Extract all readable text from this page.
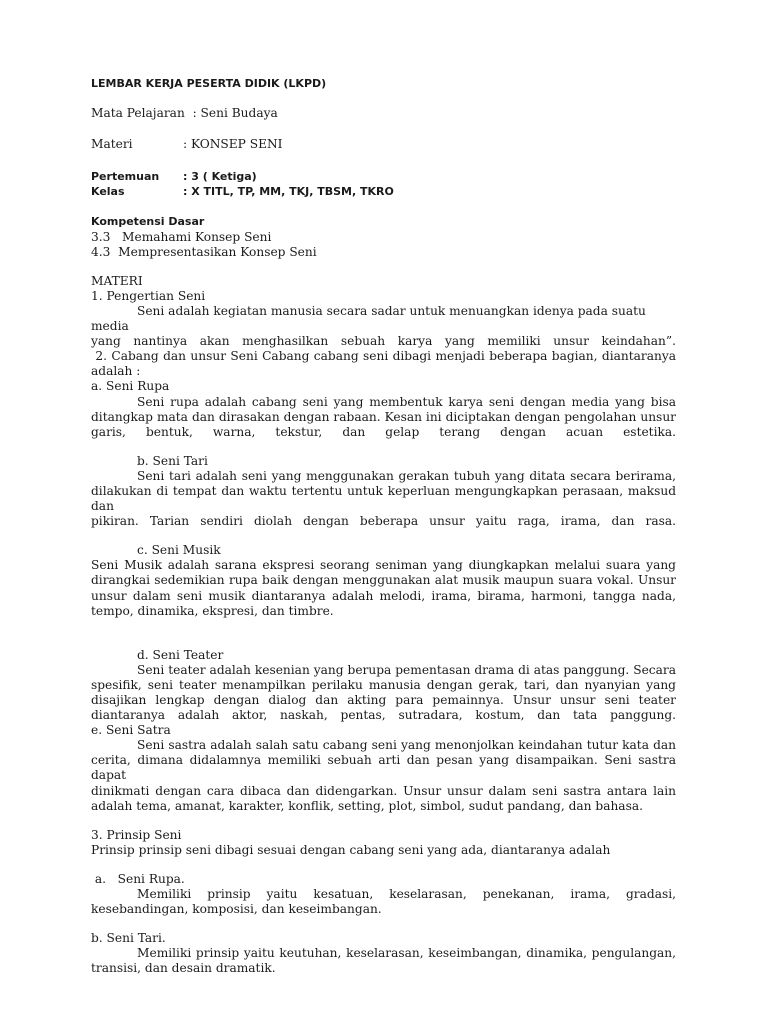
LEMBAR KERJA PESERTA DIDIK (LKPD)

Mata Pelajaran : Seni Budaya
Materi	: KONSEP SENI
Pertemuan : 3 ( Ketiga)
Kelas	: X TITL, TP, MM, TKJ, TBSM, TKRO

Kompetensi Dasar

3.3   Memahami Konsep Seni

4.3  Mempresentasikan Konsep Seni

MATERI

1. Pengertian Seni

Seni adalah kegiatan manusia secara sadar untuk menuangkan idenya pada suatu media

yang nantinya akan menghasilkan sebuah karya yang memiliki unsur keindahan”.

2. Cabang dan unsur Seni Cabang cabang seni dibagi menjadi beberapa bagian, diantaranya

adalah :

a. Seni Rupa

Seni rupa adalah cabang seni yang membentuk karya seni dengan media yang bisa

ditangkap mata dan dirasakan dengan rabaan. Kesan ini diciptakan dengan pengolahan unsur

garis, bentuk, warna, tekstur, dan gelap terang dengan acuan estetika.

b. Seni Tari

Seni tari adalah seni yang menggunakan gerakan tubuh yang ditata secara berirama,

dilakukan di tempat dan waktu tertentu untuk keperluan mengungkapkan perasaan, maksud dan

pikiran. Tarian sendiri diolah dengan beberapa unsur yaitu raga, irama, dan rasa.

c. Seni Musik

Seni Musik adalah sarana ekspresi seorang seniman yang diungkapkan melalui suara yang

dirangkai sedemikian rupa baik dengan menggunakan alat musik maupun suara vokal. Unsur

unsur dalam seni musik diantaranya adalah melodi, irama, birama, harmoni, tangga nada,

tempo, dinamika, ekspresi, dan timbre.

d. Seni Teater

Seni teater adalah kesenian yang berupa pementasan drama di atas panggung. Secara

spesifik, seni teater menampilkan perilaku manusia dengan gerak, tari, dan nyanyian yang

disajikan lengkap dengan dialog dan akting para pemainnya. Unsur unsur seni teater

diantaranya adalah aktor, naskah, pentas, sutradara, kostum, dan tata panggung.

e. Seni Satra

Seni sastra adalah salah satu cabang seni yang menonjolkan keindahan tutur kata dan

cerita, dimana didalamnya memiliki sebuah arti dan pesan yang disampaikan. Seni sastra dapat

dinikmati dengan cara dibaca dan didengarkan. Unsur unsur dalam seni sastra antara lain

adalah tema, amanat, karakter, konflik, setting, plot, simbol, sudut pandang, dan bahasa.

3. Prinsip Seni

Prinsip prinsip seni dibagi sesuai dengan cabang seni yang ada, diantaranya adalah

a.   Seni Rupa.

Memiliki prinsip yaitu kesatuan, keselarasan, penekanan, irama, gradasi,

kesebandingan, komposisi, dan keseimbangan.

b. Seni Tari.

Memiliki prinsip yaitu keutuhan, keselarasan, keseimbangan, dinamika, pengulangan,

transisi, dan desain dramatik.
